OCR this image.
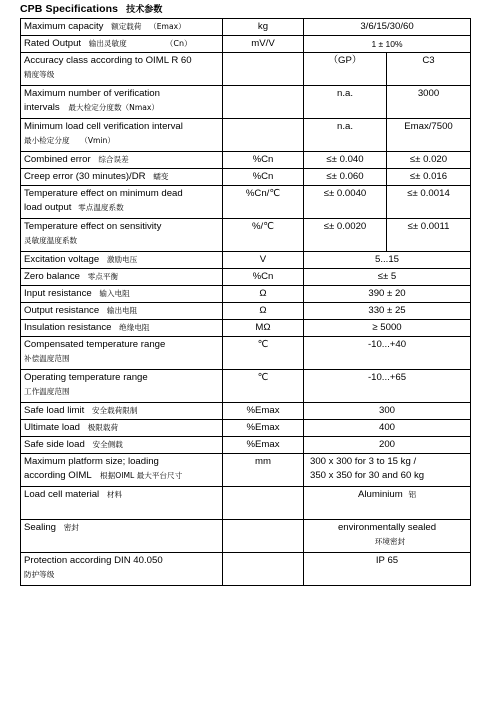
CPB Specifications 技术参数
Maximum capacity 额定载荷 （Emax）	kg	3/6/15/30/60	
Rated Output 输出灵敏度 （Cn）	mV/V	1 ± 10%	
Accuracy class according to OIML R 60
精度等级		（GP）	C3
Maximum number of verification
intervals 最大检定分度数（Nmax）		n.a.	3000
Minimum load cell verification interval
最小检定分度 （Vmin）		n.a.	Emax/7500
Combined error 综合误差	%Cn	≤± 0.040	≤± 0.020
Creep error (30 minutes)/DR 蠕变	%Cn	≤± 0.060	≤± 0.016
Temperature effect on minimum dead
load output 零点温度系数	%Cn/℃	≤± 0.0040	≤± 0.0014
Temperature effect on sensitivity
灵敏度温度系数	%/℃	≤± 0.0020	≤± 0.0011
Excitation voltage 激励电压	V	5...15	
Zero balance 零点平衡	%Cn	≤± 5	
Input resistance 输入电阻	Ω	390 ± 20	
Output resistance 输出电阻	Ω	330 ± 25	
Insulation resistance 绝缘电阻	MΩ	≥ 5000	
Compensated temperature range
补偿温度范围	℃	-10...+40	
Operating temperature range
工作温度范围	℃	-10...+65	
Safe load limit 安全载荷限制	%Emax	300	
Ultimate load 极限载荷	%Emax	400	
Safe side load 安全侧载	%Emax	200	
Maximum platform size; loading
according OIML 根据OIML 最大平台尺寸	mm	300 x 300 for 3 to 15 kg /
350 x 350 for 30 and 60 kg	

Load cell material 材料		Aluminium 铝	
Sealing 密封		environmentally sealed
环境密封	

Protection according DIN 40.050
防护等级		IP 65	
